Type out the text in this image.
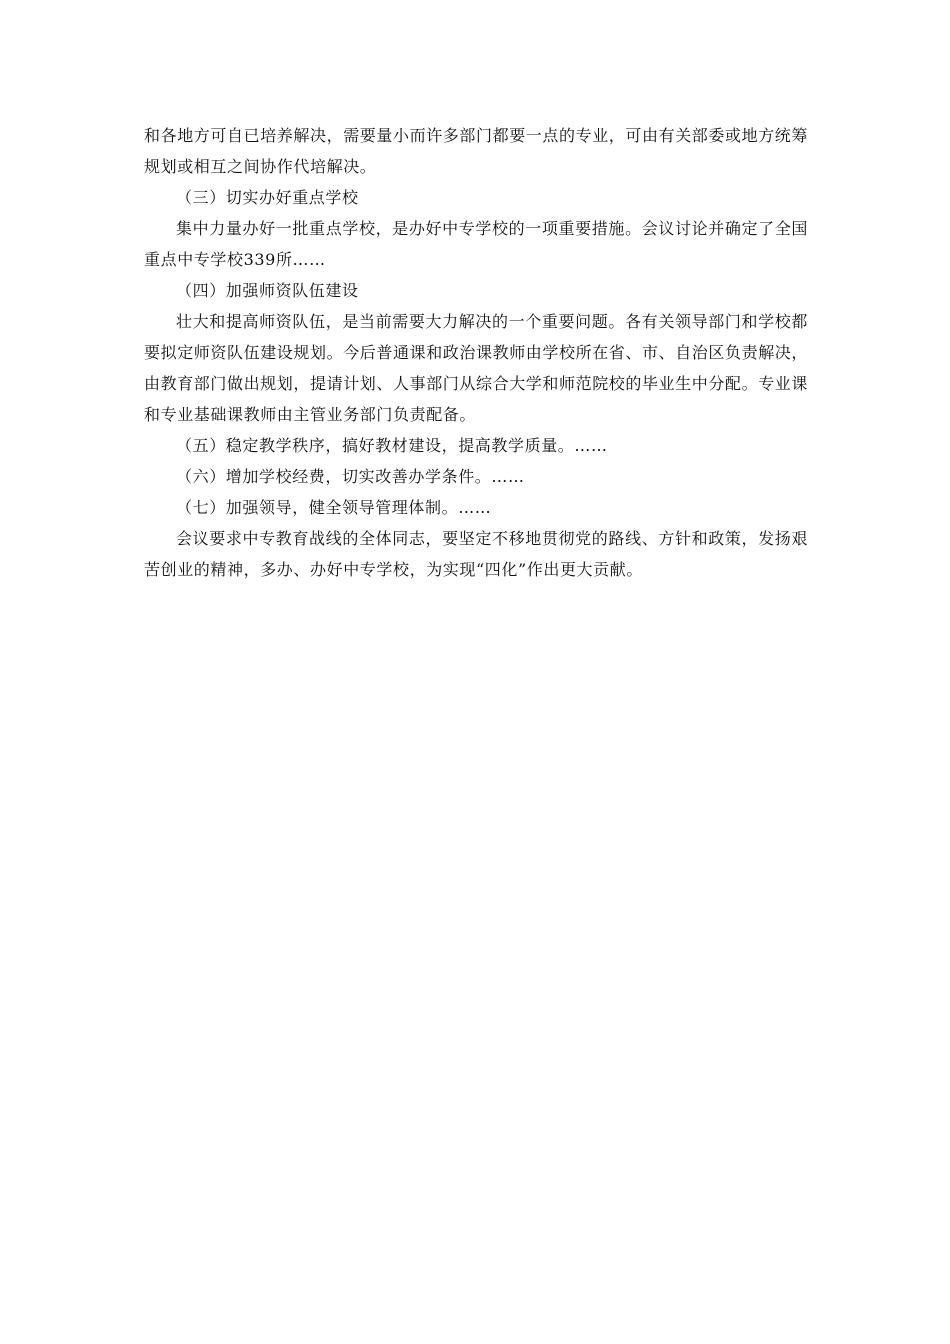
和各地方可自已培养解决，需要量小而许多部门都要一点的专业，可由有关部委或地方统筹规划或相互之间协作代培解决。

（三）切实办好重点学校

集中力量办好一批重点学校，是办好中专学校的一项重要措施。会议讨论并确定了全国重点中专学校339所……

（四）加强师资队伍建设

壮大和提高师资队伍，是当前需要大力解决的一个重要问题。各有关领导部门和学校都要拟定师资队伍建设规划。今后普通课和政治课教师由学校所在省、市、自治区负责解决，由教育部门做出规划，提请计划、人事部门从综合大学和师范院校的毕业生中分配。专业课和专业基础课教师由主管业务部门负责配备。

（五）稳定教学秩序，搞好教材建设，提高教学质量。……

（六）增加学校经费，切实改善办学条件。……

（七）加强领导，健全领导管理体制。……

会议要求中专教育战线的全体同志，要坚定不移地贯彻党的路线、方针和政策，发扬艰苦创业的精神，多办、办好中专学校，为实现“四化”作出更大贡献。
